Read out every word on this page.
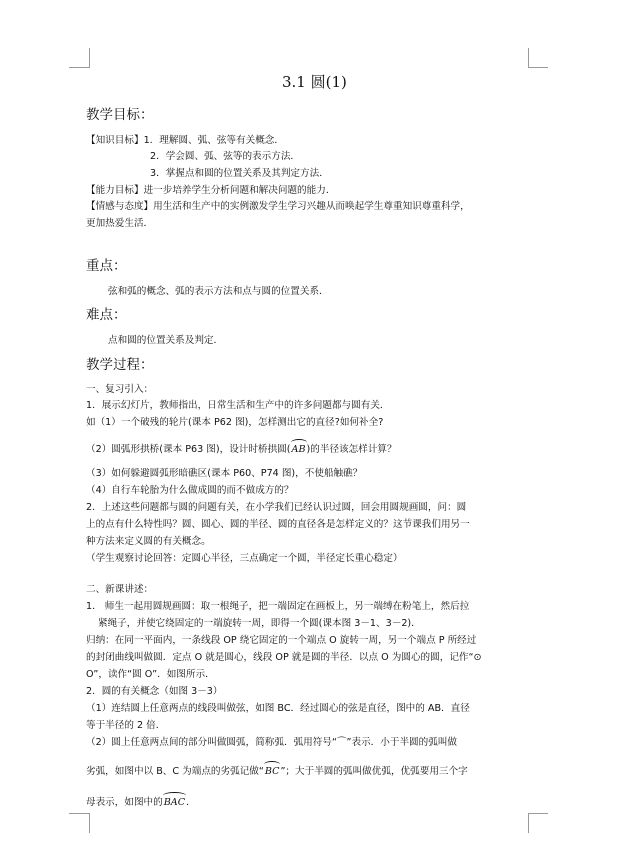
3.1 圆(1)
教学目标：
【知识目标】1．理解圆、弧、弦等有关概念．
2．学会圆、弧、弦等的表示方法．
3．掌握点和圆的位置关系及其判定方法．
【能力目标】进一步培养学生分析问题和解决问题的能力．
【情感与态度】用生活和生产中的实例激发学生学习兴趣从而唤起学生尊重知识尊重科学，
更加热爱生活．
重点：
弦和弧的概念、弧的表示方法和点与圆的位置关系．
难点：
点和圆的位置关系及判定．
教学过程：
一、复习引入：
1．展示幻灯片，教师指出，日常生活和生产中的许多问题都与圆有关．
如（1）一个破残的轮片(课本 P62 图)，怎样测出它的直径?如何补全?
（2）圆弧形拱桥(课本 P63 图)，设计时桥拱圆(AB)的半径该怎样计算？
（3）如何躲避圆弧形暗礁区(课本 P60、P74 图)，不使船触礁？
（4）自行车轮胎为什么做成圆的而不做成方的？
2．上述这些问题都与圆的问题有关，在小学我们已经认识过圆，回会用圆规画圆，问：圆
上的点有什么特性吗？圆、圆心、圆的半径、圆的直径各是怎样定义的？这节课我们用另一
种方法来定义圆的有关概念。
（学生观察讨论回答：定圆心半径，三点确定一个圆，半径定长重心稳定）
二、新课讲述：
1． 师生一起用圆规画圆：取一根绳子，把一端固定在画板上，另一端缚在粉笔上，然后拉
紧绳子，并使它绕固定的一端旋转一周，即得一个圆(课本图 3－1、3－2)．
归纳：在同一平面内，一条线段 OP 绕它固定的一个端点 O 旋转一周，另一个端点 P 所经过
的封闭曲线叫做圆．定点 O 就是圆心，线段 OP 就是圆的半径．以点 O 为圆心的圆，记作“⊙
O”，读作“圆 O”．如图所示．
2．圆的有关概念（如图 3－3）
（1）连结圆上任意两点的线段叫做弦，如图 BC．经过圆心的弦是直径，图中的 AB．直径
等于半径的 2 倍．
（2）圆上任意两点间的部分叫做圆弧，简称弧．弧用符号“⌒”表示．小于半圆的弧叫做
劣弧，如图中以 B、C 为端点的劣弧记做“BC”；大于半圆的弧叫做优弧，优弧要用三个字
母表示，如图中的BAC．
